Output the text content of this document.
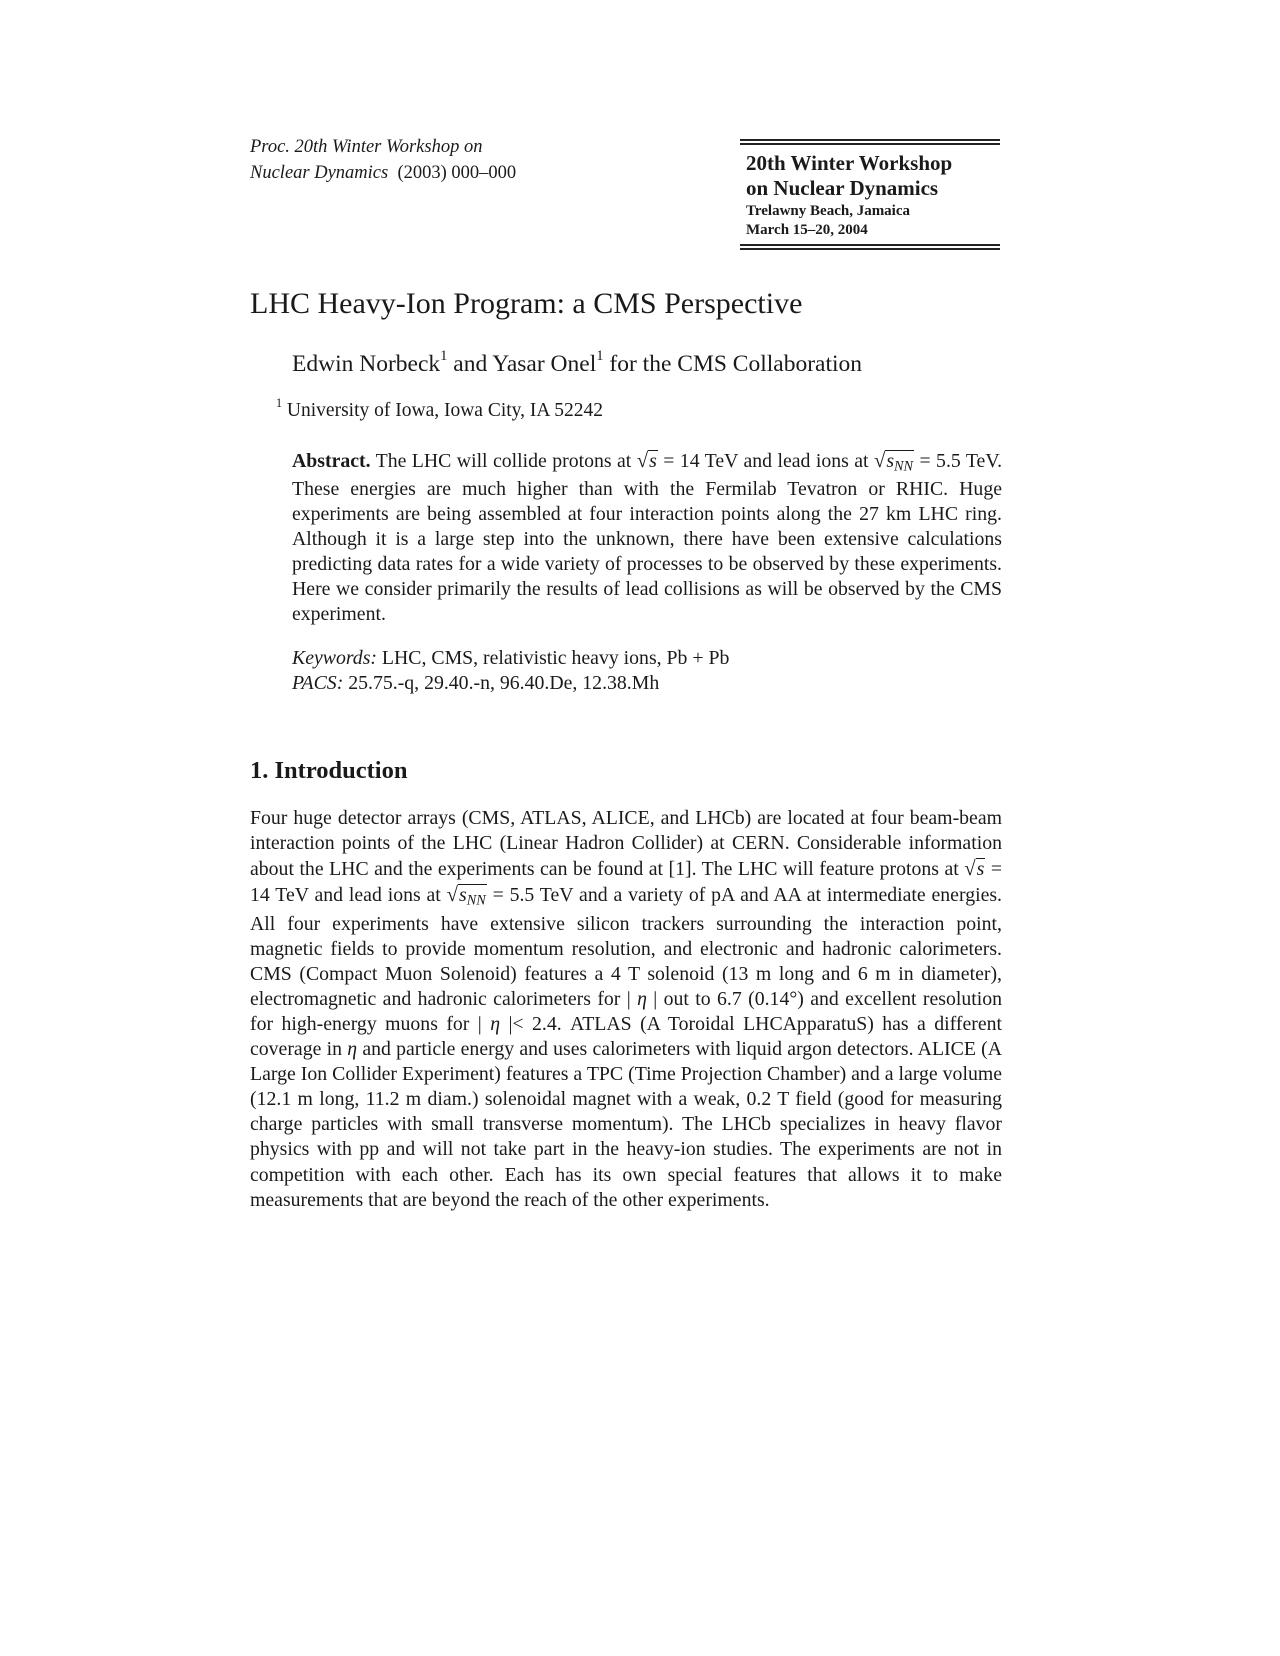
Proc. 20th Winter Workshop on
Nuclear Dynamics (2003) 000–000	20th Winter Workshop
on Nuclear Dynamics
Trelawny Beach, Jamaica
March 15–20, 2004
LHC Heavy-Ion Program: a CMS Perspective
Edwin Norbeck$^1$ and Yasar Onel$^1$ for the CMS Collaboration
$^1$ University of Iowa, Iowa City, IA 52242
Abstract. The LHC will collide protons at √s = 14 TeV and lead ions at $√s_{NN} = 5.5$ TeV. These energies are much higher than with the Fermilab Tevatron or RHIC. Huge experiments are being assembled at four interaction points along the 27 km LHC ring. Although it is a large step into the unknown, there have been extensive calculations predicting data rates for a wide variety of processes to be observed by these experiments. Here we consider primarily the results of lead collisions as will be observed by the CMS experiment.
Keywords: LHC, CMS, relativistic heavy ions, Pb + Pb
PACS: 25.75.-q, 29.40.-n, 96.40.De, 12.38.Mh
1. Introduction
Four huge detector arrays (CMS, ATLAS, ALICE, and LHCb) are located at four beam-beam interaction points of the LHC (Linear Hadron Collider) at CERN. Considerable information about the LHC and the experiments can be found at [1]. The LHC will feature protons at √s = 14 TeV and lead ions at $√s_{NN} = 5.5$ TeV and a variety of pA and AA at intermediate energies. All four experiments have extensive silicon trackers surrounding the interaction point, magnetic fields to provide momentum resolution, and electronic and hadronic calorimeters. CMS (Compact Muon Solenoid) features a 4 T solenoid (13 m long and 6 m in diameter), electromagnetic and hadronic calorimeters for | η | out to 6.7 (0.14°) and excellent resolution for high-energy muons for | η |< 2.4. ATLAS (A Toroidal LHCApparatuS) has a different coverage in η and particle energy and uses calorimeters with liquid argon detectors. ALICE (A Large Ion Collider Experiment) features a TPC (Time Projection Chamber) and a large volume (12.1 m long, 11.2 m diam.) solenoidal magnet with a weak, 0.2 T field (good for measuring charge particles with small transverse momentum). The LHCb specializes in heavy flavor physics with pp and will not take part in the heavy-ion studies. The experiments are not in competition with each other. Each has its own special features that allows it to make measurements that are beyond the reach of the other experiments.
